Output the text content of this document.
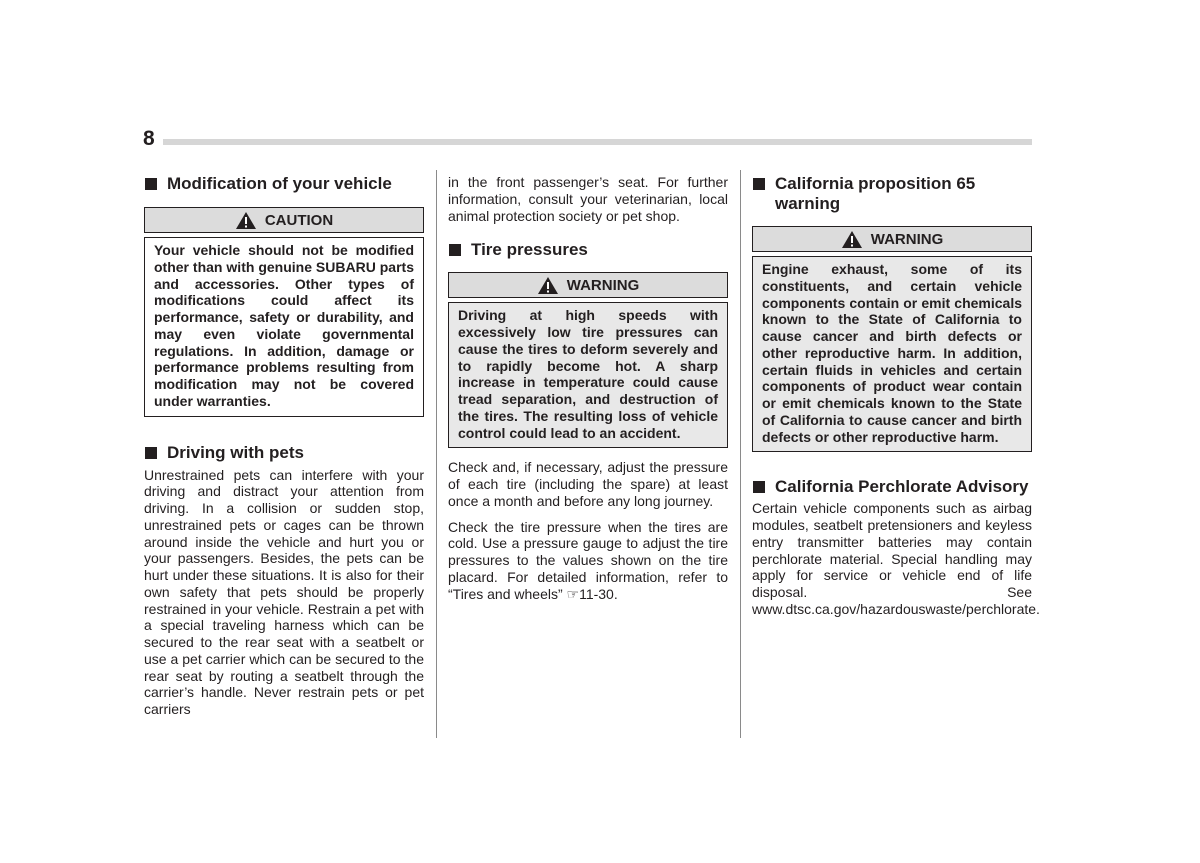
8
Modification of your vehicle
CAUTION
Your vehicle should not be modified other than with genuine SUBARU parts and accessories. Other types of modifications could affect its performance, safety or durability, and may even violate governmental regulations. In addition, damage or performance problems resulting from modification may not be covered under warranties.
Driving with pets

Unrestrained pets can interfere with your driving and distract your attention from driving. In a collision or sudden stop, unrestrained pets or cages can be thrown around inside the vehicle and hurt you or your passengers. Besides, the pets can be hurt under these situations. It is also for their own safety that pets should be properly restrained in your vehicle. Restrain a pet with a special traveling harness which can be secured to the rear seat with a seatbelt or use a pet carrier which can be secured to the rear seat by routing a seatbelt through the carrier’s handle. Never restrain pets or pet carriers

in the front passenger’s seat. For further information, consult your veterinarian, local animal protection society or pet shop.

Tire pressures
WARNING
Driving at high speeds with excessively low tire pressures can cause the tires to deform severely and to rapidly become hot. A sharp increase in temperature could cause tread separation, and destruction of the tires. The resulting loss of vehicle control could lead to an accident.

Check and, if necessary, adjust the pressure of each tire (including the spare) at least once a month and before any long journey.

Check the tire pressure when the tires are cold. Use a pressure gauge to adjust the tire pressures to the values shown on the tire placard. For detailed information, refer to “Tires and wheels” ☞11-30.

California proposition 65 warning
WARNING
Engine exhaust, some of its constituents, and certain vehicle components contain or emit chemicals known to the State of California to cause cancer and birth defects or other reproductive harm. In addition, certain fluids in vehicles and certain components of product wear contain or emit chemicals known to the State of California to cause cancer and birth defects or other reproductive harm.
California Perchlorate Advisory

Certain vehicle components such as airbag modules, seatbelt pretensioners and keyless entry transmitter batteries may contain perchlorate material. Special handling may apply for service or vehicle end of life disposal. See www.dtsc.ca.gov/hazardouswaste/perchlorate.
